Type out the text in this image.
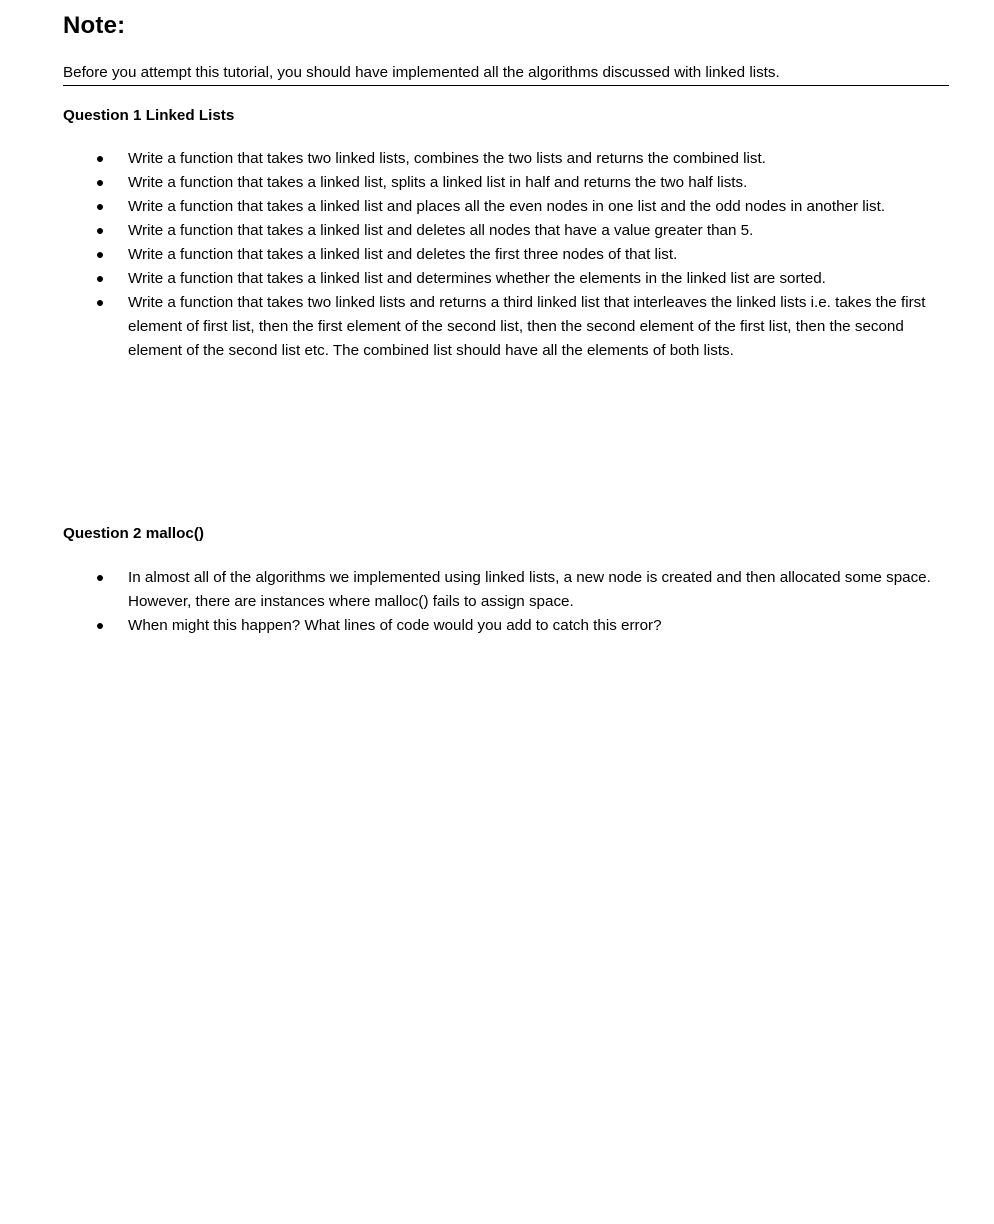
Note:
Before you attempt this tutorial, you should have implemented all the algorithms discussed with linked lists.
Question 1 Linked Lists
Write a function that takes two linked lists, combines the two lists and returns the combined list.
Write a function that takes a linked list, splits a linked list in half and returns the two half lists.
Write a function that takes a linked list and places all the even nodes in one list and the odd nodes in another list.
Write a function that takes a linked list and deletes all nodes that have a value greater than 5.
Write a function that takes a linked list and deletes the first three nodes of that list.
Write a function that takes a linked list and determines whether the elements in the linked list are sorted.
Write a function that takes two linked lists and returns a third linked list that interleaves the linked lists i.e. takes the first element of first list, then the first element of the second list, then the second element of the first list, then the second element of the second list etc. The combined list should have all the elements of both lists.
Question 2 malloc()
In almost all of the algorithms we implemented using linked lists, a new node is created and then allocated some space. However, there are instances where malloc() fails to assign space.
When might this happen? What lines of code would you add to catch this error?
